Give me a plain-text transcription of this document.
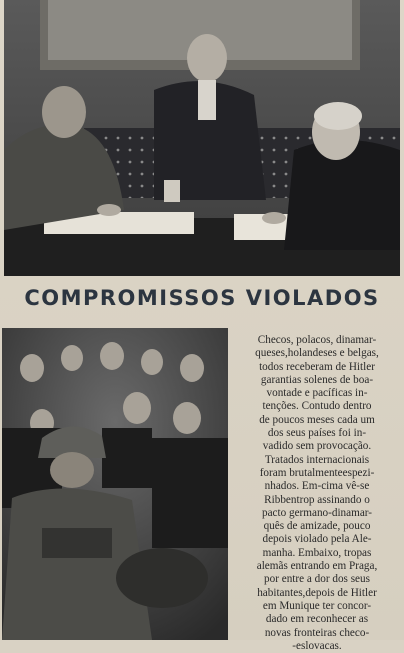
COMPROMISSOS VIOLADOS
Checos, polacos, dinamar-
queses,holandeses e belgas,
todos receberam de Hitler
garantias solenes de boa-
vontade e pacíficas in-
tenções. Contudo dentro
de poucos meses cada um
dos seus países foi in-
vadido sem provocação.
Tratados internacionais
foram brutalmenteespezi-
nhados. Em-cima vê-se
Ribbentrop assinando o
pacto germano-dinamar-
quês de amizade, pouco
depois violado pela Ale-
manha. Embaixo, tropas
alemãs entrando em Praga,
por entre a dor dos seus
habitantes,depois de Hitler
em Munique ter concor-
dado em reconhecer as
novas fronteiras checo-
-eslovacas.
